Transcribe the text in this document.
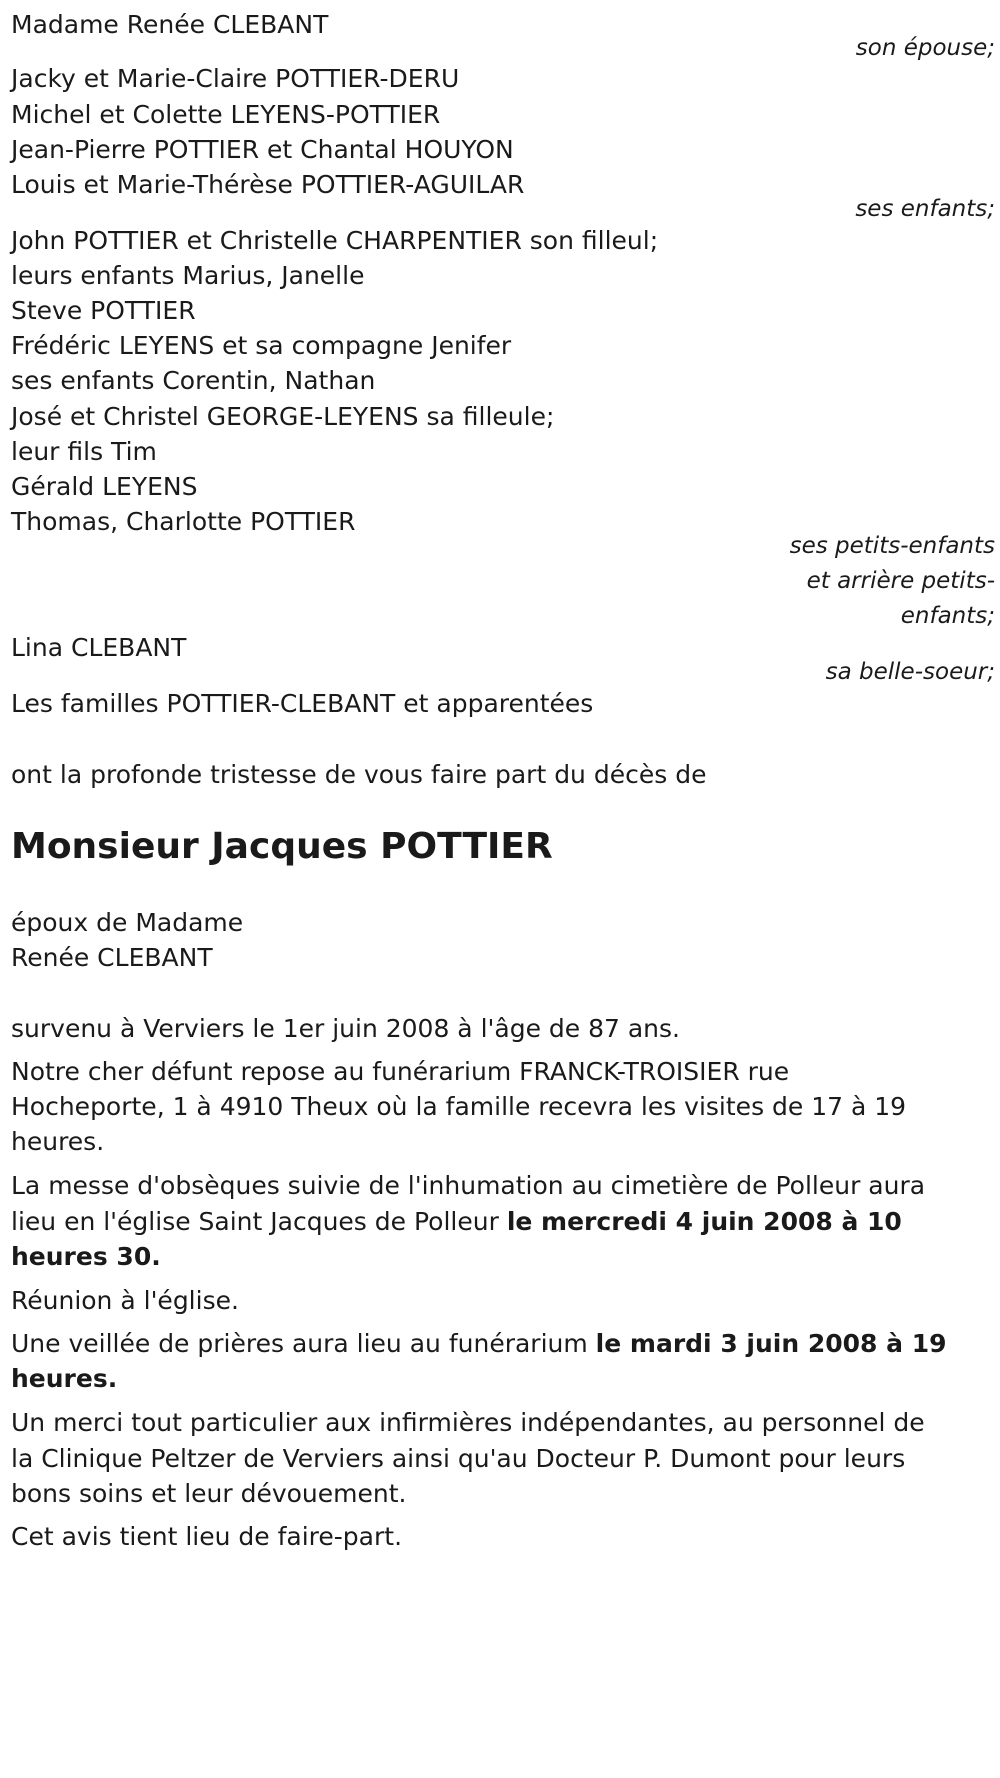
Madame Renée CLEBANT
son épouse;
Jacky et Marie-Claire POTTIER-DERU
Michel et Colette LEYENS-POTTIER
Jean-Pierre POTTIER et Chantal HOUYON
Louis et Marie-Thérèse POTTIER-AGUILAR
ses enfants;
John POTTIER et Christelle CHARPENTIER son filleul;
leurs enfants Marius, Janelle
Steve POTTIER
Frédéric LEYENS et sa compagne Jenifer
ses enfants Corentin, Nathan
José et Christel GEORGE-LEYENS sa filleule;
leur fils Tim
Gérald LEYENS
Thomas, Charlotte POTTIER
ses petits-enfants
et arrière petits-
enfants;
Lina CLEBANT
sa belle-soeur;
Les familles POTTIER-CLEBANT et apparentées
ont la profonde tristesse de vous faire part du décès de
Monsieur Jacques POTTIER
époux de Madame
Renée CLEBANT
survenu à Verviers le 1er juin 2008 à l'âge de 87 ans.
Notre cher défunt repose au funérarium FRANCK-TROISIER rue
Hocheporte, 1 à 4910 Theux où la famille recevra les visites de 17 à 19
heures.
La messe d'obsèques suivie de l'inhumation au cimetière de Polleur aura
lieu en l'église Saint Jacques de Polleur le mercredi 4 juin 2008 à 10
heures 30.
Réunion à l'église.
Une veillée de prières aura lieu au funérarium le mardi 3 juin 2008 à 19
heures.
Un merci tout particulier aux infirmières indépendantes, au personnel de
la Clinique Peltzer de Verviers ainsi qu'au Docteur P. Dumont pour leurs
bons soins et leur dévouement.
Cet avis tient lieu de faire-part.
